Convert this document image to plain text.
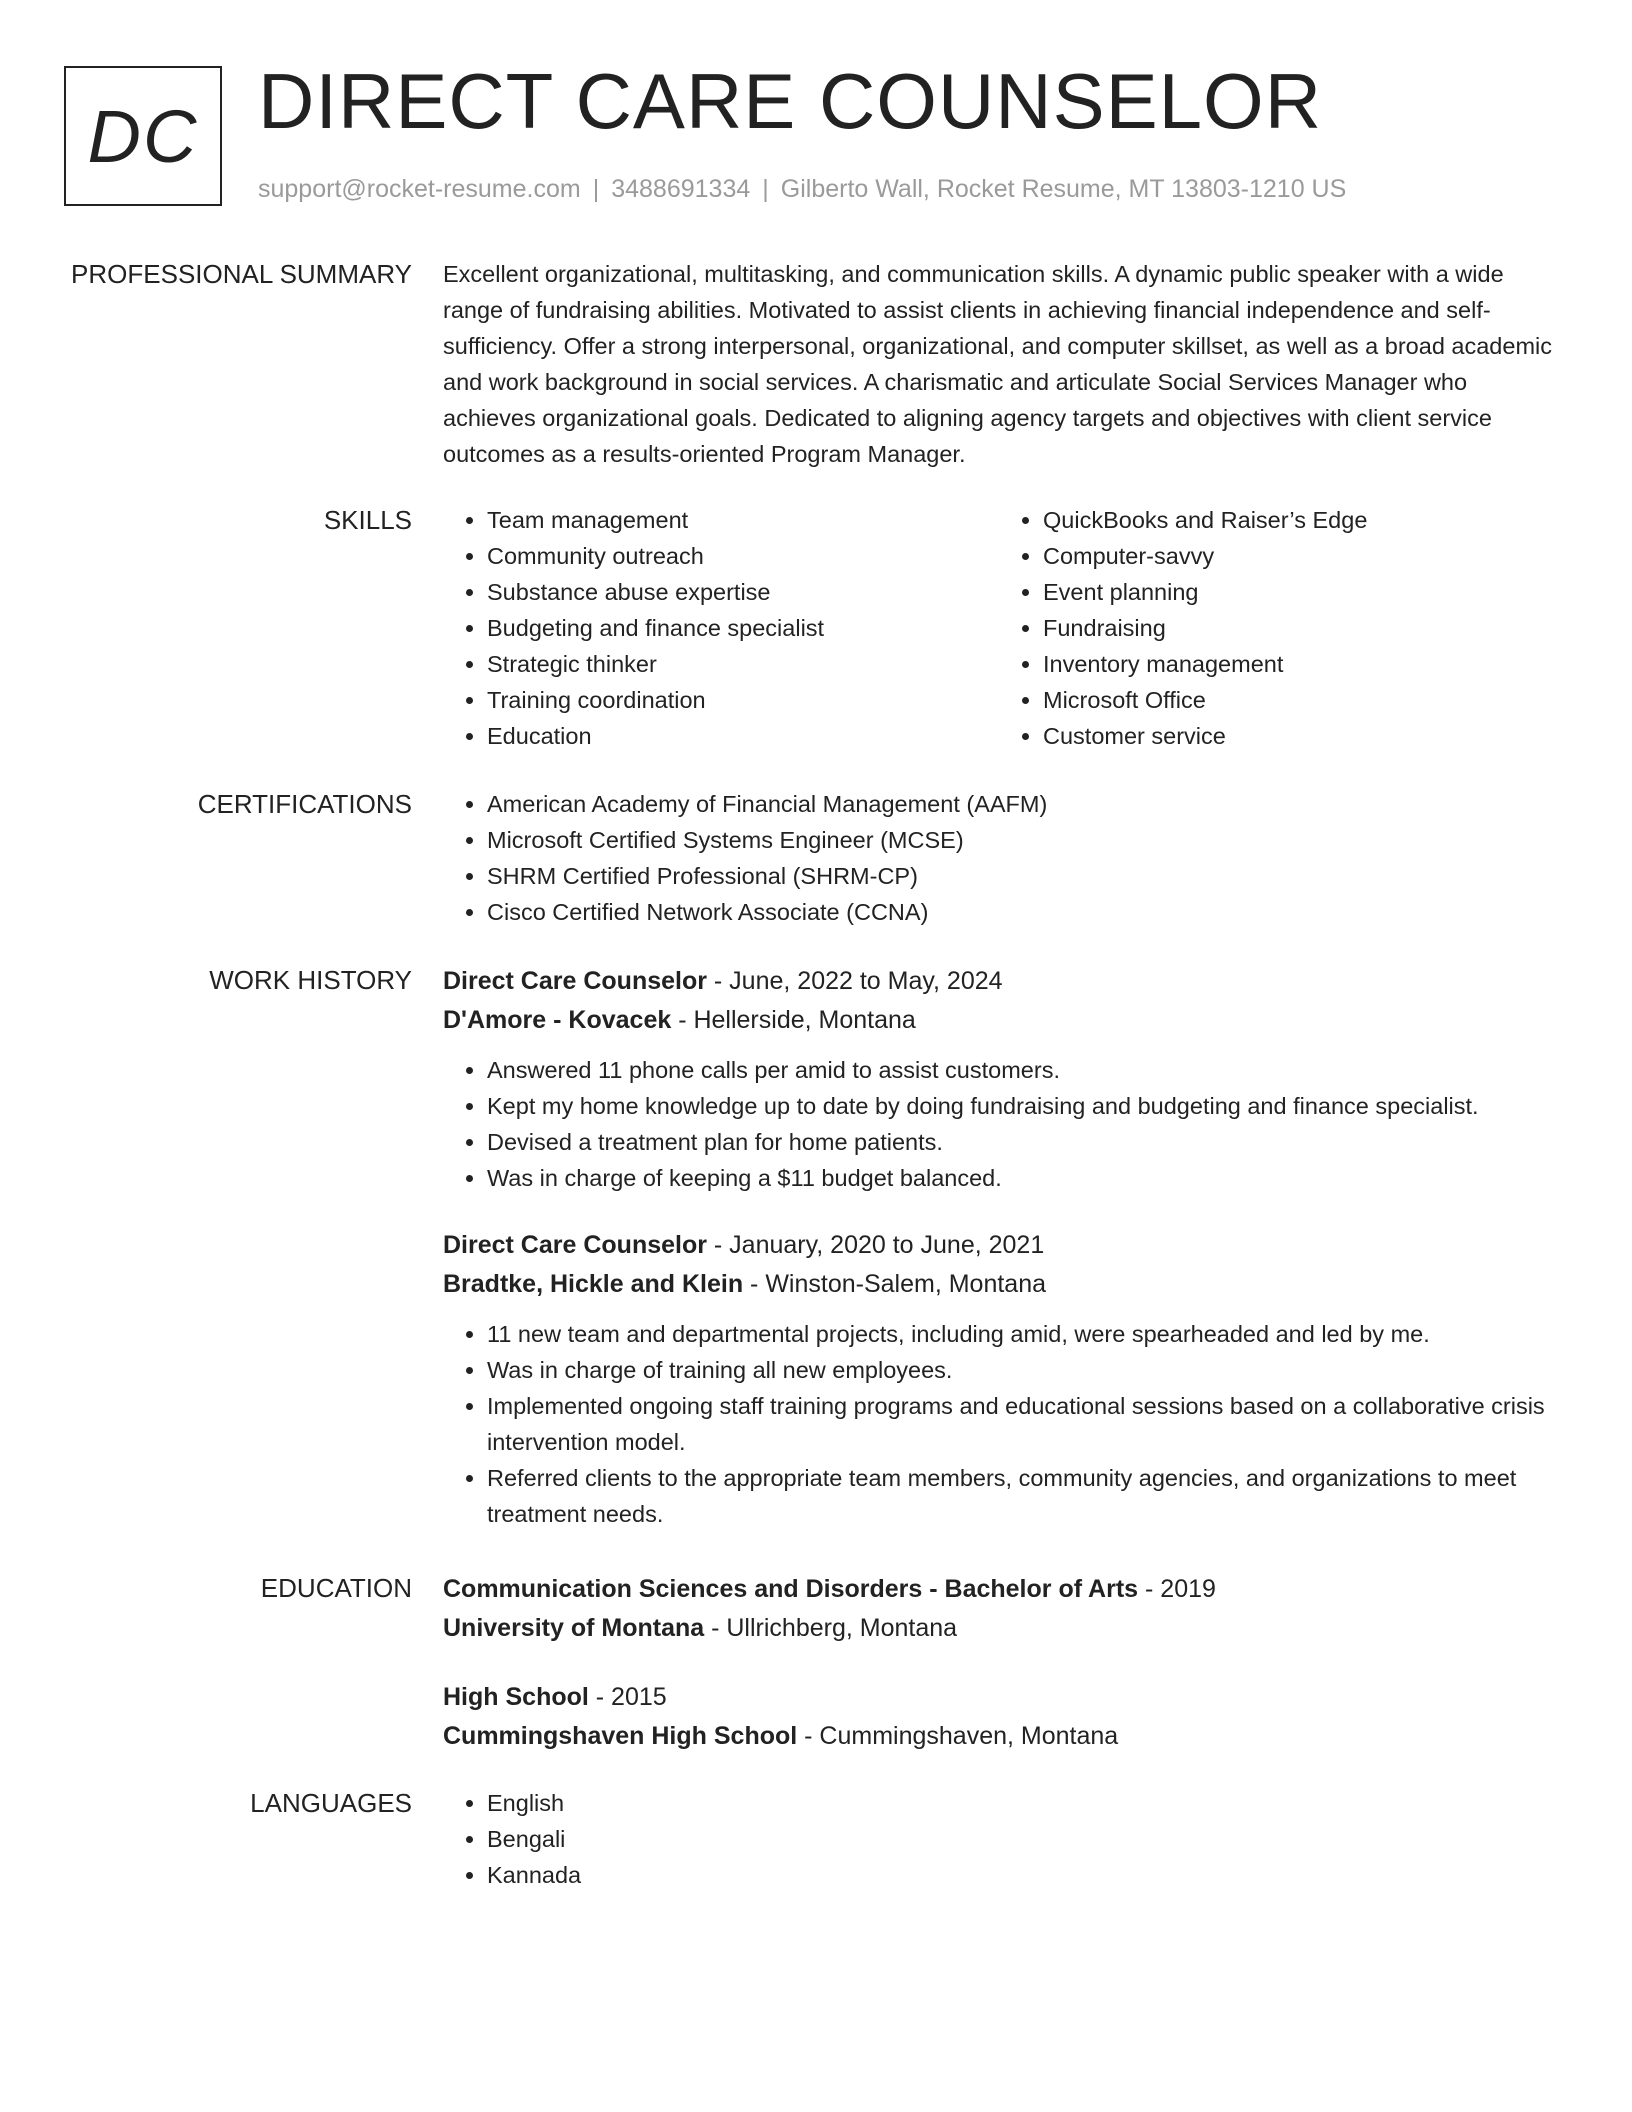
DC DIRECT CARE COUNSELOR
support@rocket-resume.com | 3488691334 | Gilberto Wall, Rocket Resume, MT 13803-1210 US
PROFESSIONAL SUMMARY Excellent organizational, multitasking, and communication skills. A dynamic public speaker with a wide range of fundraising abilities. Motivated to assist clients in achieving financial independence and self-sufficiency. Offer a strong interpersonal, organizational, and computer skillset, as well as a broad academic and work background in social services. A charismatic and articulate Social Services Manager who achieves organizational goals. Dedicated to aligning agency targets and objectives with client service outcomes as a results-oriented Program Manager.
SKILLS	• Team management
• Community outreach
• Substance abuse expertise
• Budgeting and finance specialist
• Strategic thinker
• Training coordination
• Education
• QuickBooks and Raiser’s Edge
• Computer-savvy
• Event planning
• Fundraising
• Inventory management
• Microsoft Office
• Customer service
CERTIFICATIONS	• American Academy of Financial Management (AAFM)
• Microsoft Certified Systems Engineer (MCSE)
• SHRM Certified Professional (SHRM-CP)
• Cisco Certified Network Associate (CCNA)
WORK HISTORY Direct Care Counselor - June, 2022 to May, 2024
D'Amore - Kovacek - Hellerside, Montana
• Answered 11 phone calls per amid to assist customers.
• Kept my home knowledge up to date by doing fundraising and budgeting and finance specialist.
• Devised a treatment plan for home patients.
• Was in charge of keeping a $11 budget balanced.
Direct Care Counselor - January, 2020 to June, 2021
Bradtke, Hickle and Klein - Winston-Salem, Montana
• 11 new team and departmental projects, including amid, were spearheaded and led by me.
• Was in charge of training all new employees.
• Implemented ongoing staff training programs and educational sessions based on a collaborative crisis intervention model.
• Referred clients to the appropriate team members, community agencies, and organizations to meet treatment needs.
EDUCATION Communication Sciences and Disorders - Bachelor of Arts - 2019
University of Montana - Ullrichberg, Montana
High School - 2015
Cummingshaven High School - Cummingshaven, Montana
LANGUAGES	• English
• Bengali
• Kannada
